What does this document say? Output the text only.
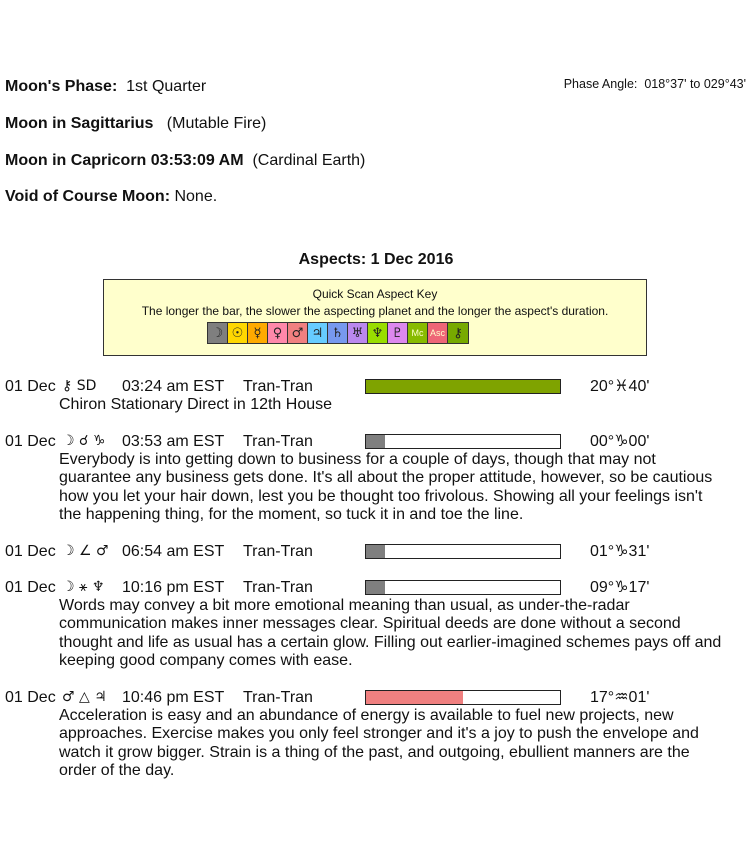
Moon's Phase: 1st Quarter	Phase Angle: 018°37' to 029°43'
Moon in Sagittarius (Mutable Fire)
Moon in Capricorn 03:53:09 AM (Cardinal Earth)
Void of Course Moon: None.
Aspects: 1 Dec 2016
Quick Scan Aspect Key
The longer the bar, the slower the aspecting planet and the longer the aspect's duration.
☽ ☉ ☿ ♀ ♂ ♃ ♄ ♅ ♆ ♇ Mc Asc ⚷
01 Dec ⚷ SD 03:24 am EST Tran-Tran	20°♓40'
Chiron Stationary Direct in 12th House
01 Dec ☽ ☌ ♑ 03:53 am EST Tran-Tran	00°♑00'
Everybody is into getting down to business for a couple of days, though that may not guarantee any business gets done. It's all about the proper attitude, however, so be cautious how you let your hair down, lest you be thought too frivolous. Showing all your feelings isn't the happening thing, for the moment, so tuck it in and toe the line.
01 Dec ☽ ∠ ♂ 06:54 am EST Tran-Tran	01°♑31'
01 Dec ☽ ⚹ ♆ 10:16 pm EST Tran-Tran	09°♑17'
Words may convey a bit more emotional meaning than usual, as under-the-radar communication makes inner messages clear. Spiritual deeds are done without a second thought and life as usual has a certain glow. Filling out earlier-imagined schemes pays off and keeping good company comes with ease.
01 Dec ♂ △ ♃ 10:46 pm EST Tran-Tran	17°♒01'
Acceleration is easy and an abundance of energy is available to fuel new projects, new approaches. Exercise makes you only feel stronger and it's a joy to push the envelope and watch it grow bigger. Strain is a thing of the past, and outgoing, ebullient manners are the order of the day.
